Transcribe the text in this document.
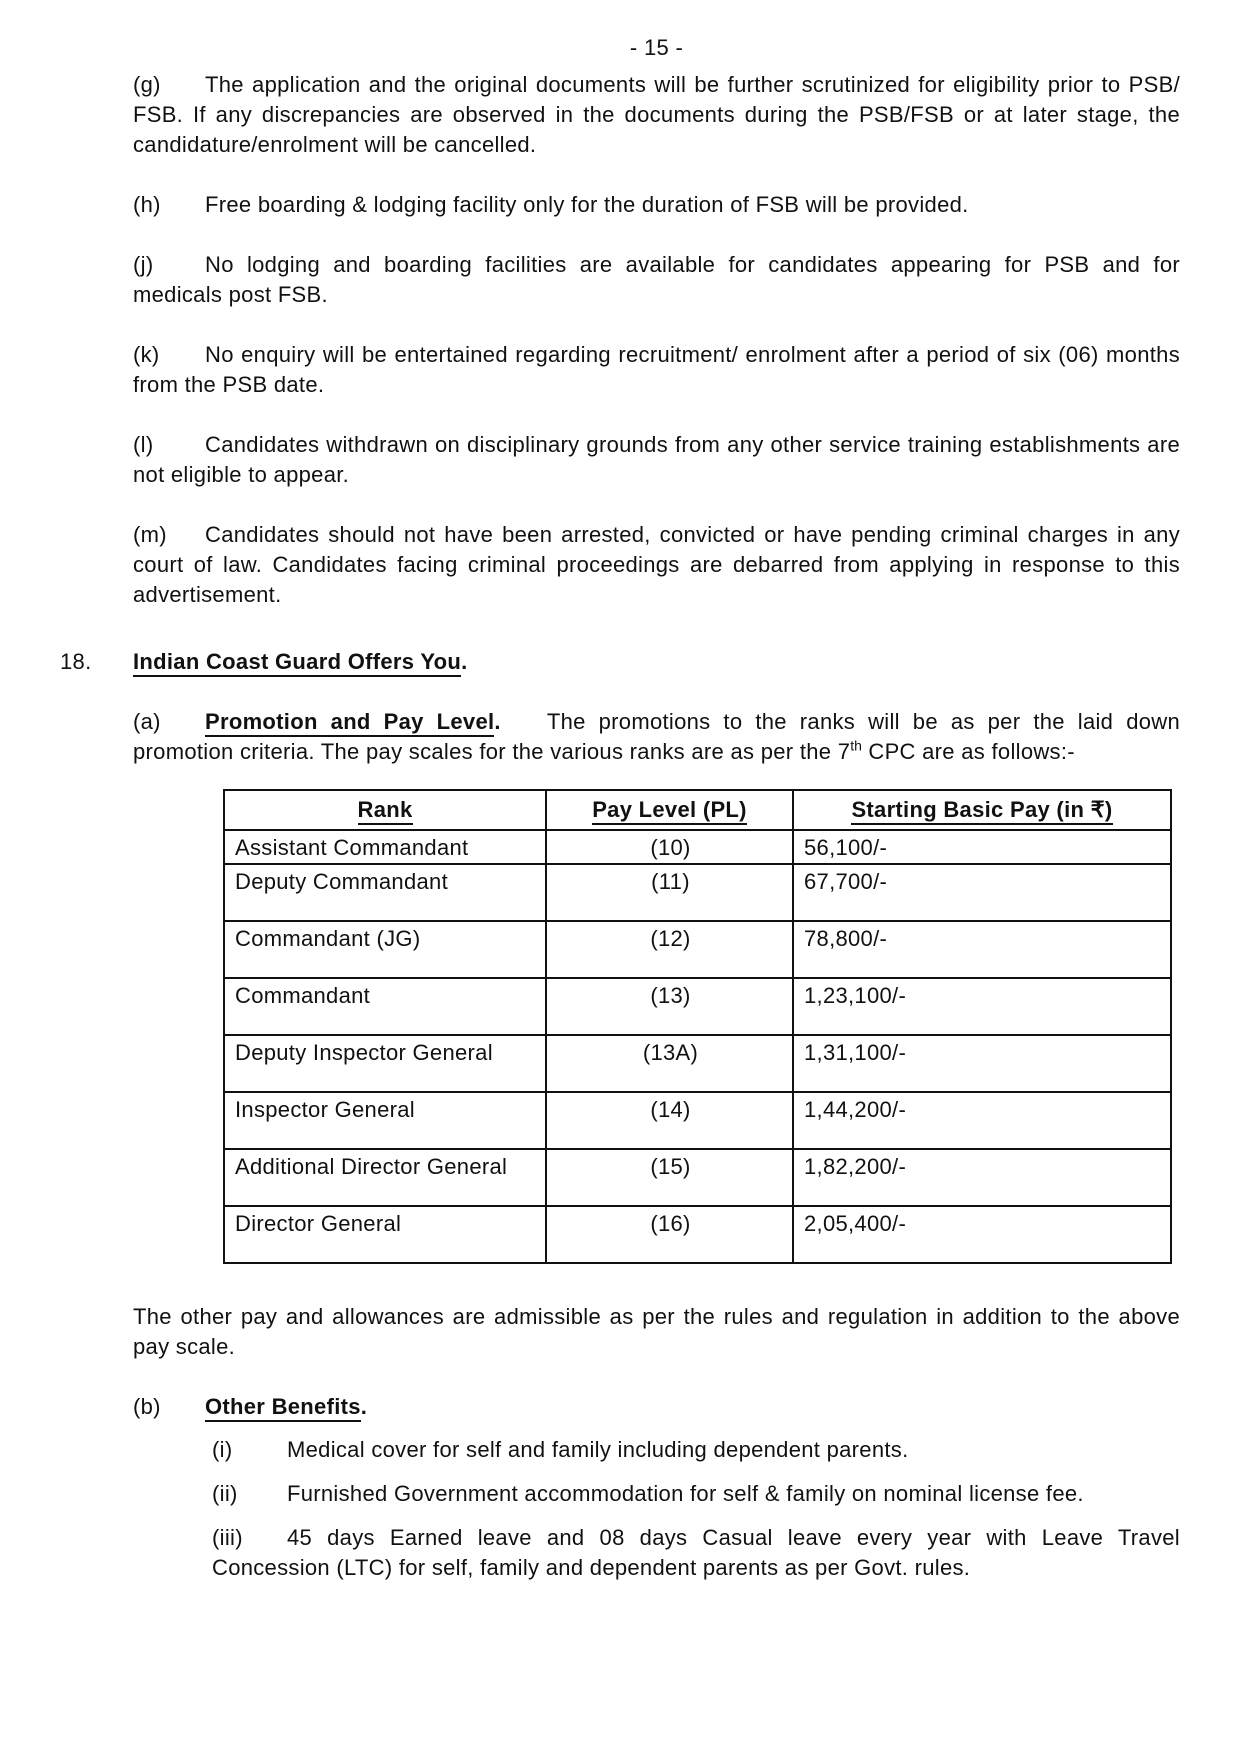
- 15 -

(g) The application and the original documents will be further scrutinized for eligibility prior to PSB/ FSB. If any discrepancies are observed in the documents during the PSB/FSB or at later stage, the candidature/enrolment will be cancelled.

(h) Free boarding & lodging facility only for the duration of FSB will be provided.

(j) No lodging and boarding facilities are available for candidates appearing for PSB and for medicals post FSB.

(k) No enquiry will be entertained regarding recruitment/ enrolment after a period of six (06) months from the PSB date.

(l) Candidates withdrawn on disciplinary grounds from any other service training establishments are not eligible to appear.

(m) Candidates should not have been arrested, convicted or have pending criminal charges in any court of law. Candidates facing criminal proceedings are debarred from applying in response to this advertisement.

18. Indian Coast Guard Offers You.

(a) Promotion and Pay Level. The promotions to the ranks will be as per the laid down promotion criteria. The pay scales for the various ranks are as per the 7th CPC are as follows:-

Rank	Pay Level (PL)	Starting Basic Pay (in ₹)
Assistant Commandant	(10)	56,100/-
Deputy Commandant	(11)	67,700/-
Commandant (JG)	(12)	78,800/-
Commandant	(13)	1,23,100/-
Deputy Inspector General	(13A)	1,31,100/-
Inspector General	(14)	1,44,200/-
Additional Director General	(15)	1,82,200/-
Director General	(16)	2,05,400/-

The other pay and allowances are admissible as per the rules and regulation in addition to the above pay scale.

(b) Other Benefits.

(i) Medical cover for self and family including dependent parents.

(ii) Furnished Government accommodation for self & family on nominal license fee.

(iii) 45 days Earned leave and 08 days Casual leave every year with Leave Travel Concession (LTC) for self, family and dependent parents as per Govt. rules.
